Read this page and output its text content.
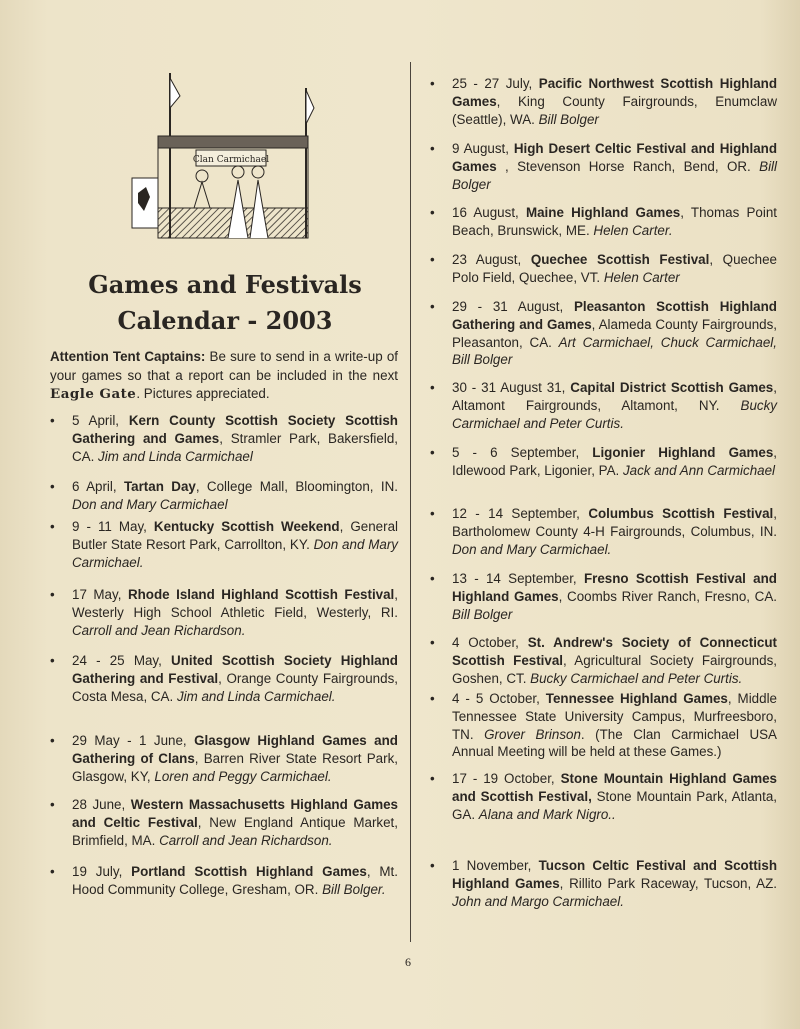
Clan Carmichael
Games and Festivals
Calendar - 2003
Attention Tent Captains: Be sure to send in a write-up of your games so that a report can be included in the next Eagle Gate. Pictures appreciated.
• 5 April, Kern County Scottish Society Scottish Gathering and Games, Stramler Park, Bakersfield, CA. Jim and Linda Carmichael
• 6 April, Tartan Day, College Mall, Bloomington, IN. Don and Mary Carmichael
• 9 - 11 May, Kentucky Scottish Weekend, General Butler State Resort Park, Carrollton, KY. Don and Mary Carmichael.
• 17 May, Rhode Island Highland Scottish Festival, Westerly High School Athletic Field, Westerly, RI. Carroll and Jean Richardson.
• 24 - 25 May, United Scottish Society Highland Gathering and Festival, Orange County Fairgrounds, Costa Mesa, CA. Jim and Linda Carmichael.
• 29 May - 1 June, Glasgow Highland Games and Gathering of Clans, Barren River State Resort Park, Glasgow, KY, Loren and Peggy Carmichael.
• 28 June, Western Massachusetts Highland Games and Celtic Festival, New England Antique Market, Brimfield, MA. Carroll and Jean Richardson.
• 19 July, Portland Scottish Highland Games, Mt. Hood Community College, Gresham, OR. Bill Bolger.
• 25 - 27 July, Pacific Northwest Scottish Highland Games, King County Fairgrounds, Enumclaw (Seattle), WA. Bill Bolger
• 9 August, High Desert Celtic Festival and Highland Games , Stevenson Horse Ranch, Bend, OR. Bill Bolger
• 16 August, Maine Highland Games, Thomas Point Beach, Brunswick, ME. Helen Carter.
• 23 August, Quechee Scottish Festival, Quechee Polo Field, Quechee, VT. Helen Carter
• 29 - 31 August, Pleasanton Scottish Highland Gathering and Games, Alameda County Fairgrounds, Pleasanton, CA. Art Carmichael, Chuck Carmichael, Bill Bolger
• 30 - 31 August 31, Capital District Scottish Games, Altamont Fairgrounds, Altamont, NY. Bucky Carmichael and Peter Curtis.
• 5 - 6 September, Ligonier Highland Games, Idlewood Park, Ligonier, PA. Jack and Ann Carmichael
• 12 - 14 September, Columbus Scottish Festival, Bartholomew County 4-H Fairgrounds, Columbus, IN. Don and Mary Carmichael.
• 13 - 14 September, Fresno Scottish Festival and Highland Games, Coombs River Ranch, Fresno, CA. Bill Bolger
• 4 October, St. Andrew's Society of Connecticut Scottish Festival, Agricultural Society Fairgrounds, Goshen, CT. Bucky Carmichael and Peter Curtis.
• 4 - 5 October, Tennessee Highland Games, Middle Tennessee State University Campus, Murfreesboro, TN. Grover Brinson. (The Clan Carmichael USA Annual Meeting will be held at these Games.)
• 17 - 19 October, Stone Mountain Highland Games and Scottish Festival, Stone Mountain Park, Atlanta, GA. Alana and Mark Nigro..
• 1 November, Tucson Celtic Festival and Scottish Highland Games, Rillito Park Raceway, Tucson, AZ. John and Margo Carmichael.
6
